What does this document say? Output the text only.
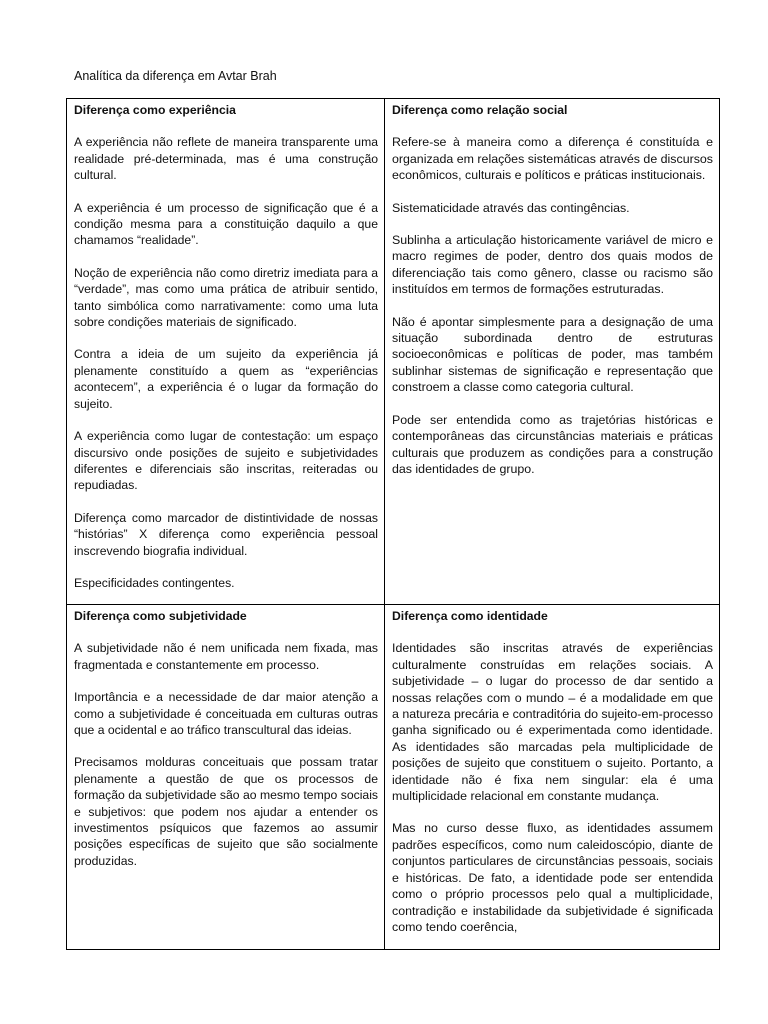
Analítica da diferença em Avtar Brah
Diferença como experiência

A experiência não reflete de maneira transparente uma realidade pré-determinada, mas é uma construção cultural.

A experiência é um processo de significação que é a condição mesma para a constituição daquilo a que chamamos “realidade”.

Noção de experiência não como diretriz imediata para a “verdade”, mas como uma prática de atribuir sentido, tanto simbólica como narrativamente: como uma luta sobre condições materiais de significado.

Contra a ideia de um sujeito da experiência já plenamente constituído a quem as “experiências acontecem”, a experiência é o lugar da formação do sujeito.

A experiência como lugar de contestação: um espaço discursivo onde posições de sujeito e subjetividades diferentes e diferenciais são inscritas, reiteradas ou repudiadas.

Diferença como marcador de distintividade de nossas “histórias” X diferença como experiência pessoal inscrevendo biografia individual.

Especificidades contingentes.

Diferença como relação social

Refere-se à maneira como a diferença é constituída e organizada em relações sistemáticas através de discursos econômicos, culturais e políticos e práticas institucionais.

Sistematicidade através das contingências.

Sublinha a articulação historicamente variável de micro e macro regimes de poder, dentro dos quais modos de diferenciação tais como gênero, classe ou racismo são instituídos em termos de formações estruturadas.

Não é apontar simplesmente para a designação de uma situação subordinada dentro de estruturas socioeconômicas e políticas de poder, mas também sublinhar sistemas de significação e representação que constroem a classe como categoria cultural.

Pode ser entendida como as trajetórias históricas e contemporâneas das circunstâncias materiais e práticas culturais que produzem as condições para a construção das identidades de grupo.

Diferença como subjetividade

A subjetividade não é nem unificada nem fixada, mas fragmentada e constantemente em processo.

Importância e a necessidade de dar maior atenção a como a subjetividade é conceituada em culturas outras que a ocidental e ao tráfico transcultural das ideias.

Precisamos molduras conceituais que possam tratar plenamente a questão de que os processos de formação da subjetividade são ao mesmo tempo sociais e subjetivos: que podem nos ajudar a entender os investimentos psíquicos que fazemos ao assumir posições específicas de sujeito que são socialmente produzidas.

Diferença como identidade

Identidades são inscritas através de experiências culturalmente construídas em relações sociais. A subjetividade – o lugar do processo de dar sentido a nossas relações com o mundo – é a modalidade em que a natureza precária e contraditória do sujeito-em-processo ganha significado ou é experimentada como identidade. As identidades são marcadas pela multiplicidade de posições de sujeito que constituem o sujeito. Portanto, a identidade não é fixa nem singular: ela é uma multiplicidade relacional em constante mudança.

Mas no curso desse fluxo, as identidades assumem padrões específicos, como num caleidoscópio, diante de conjuntos particulares de circunstâncias pessoais, sociais e históricas. De fato, a identidade pode ser entendida como o próprio processos pelo qual a multiplicidade, contradição e instabilidade da subjetividade é significada como tendo coerência,
